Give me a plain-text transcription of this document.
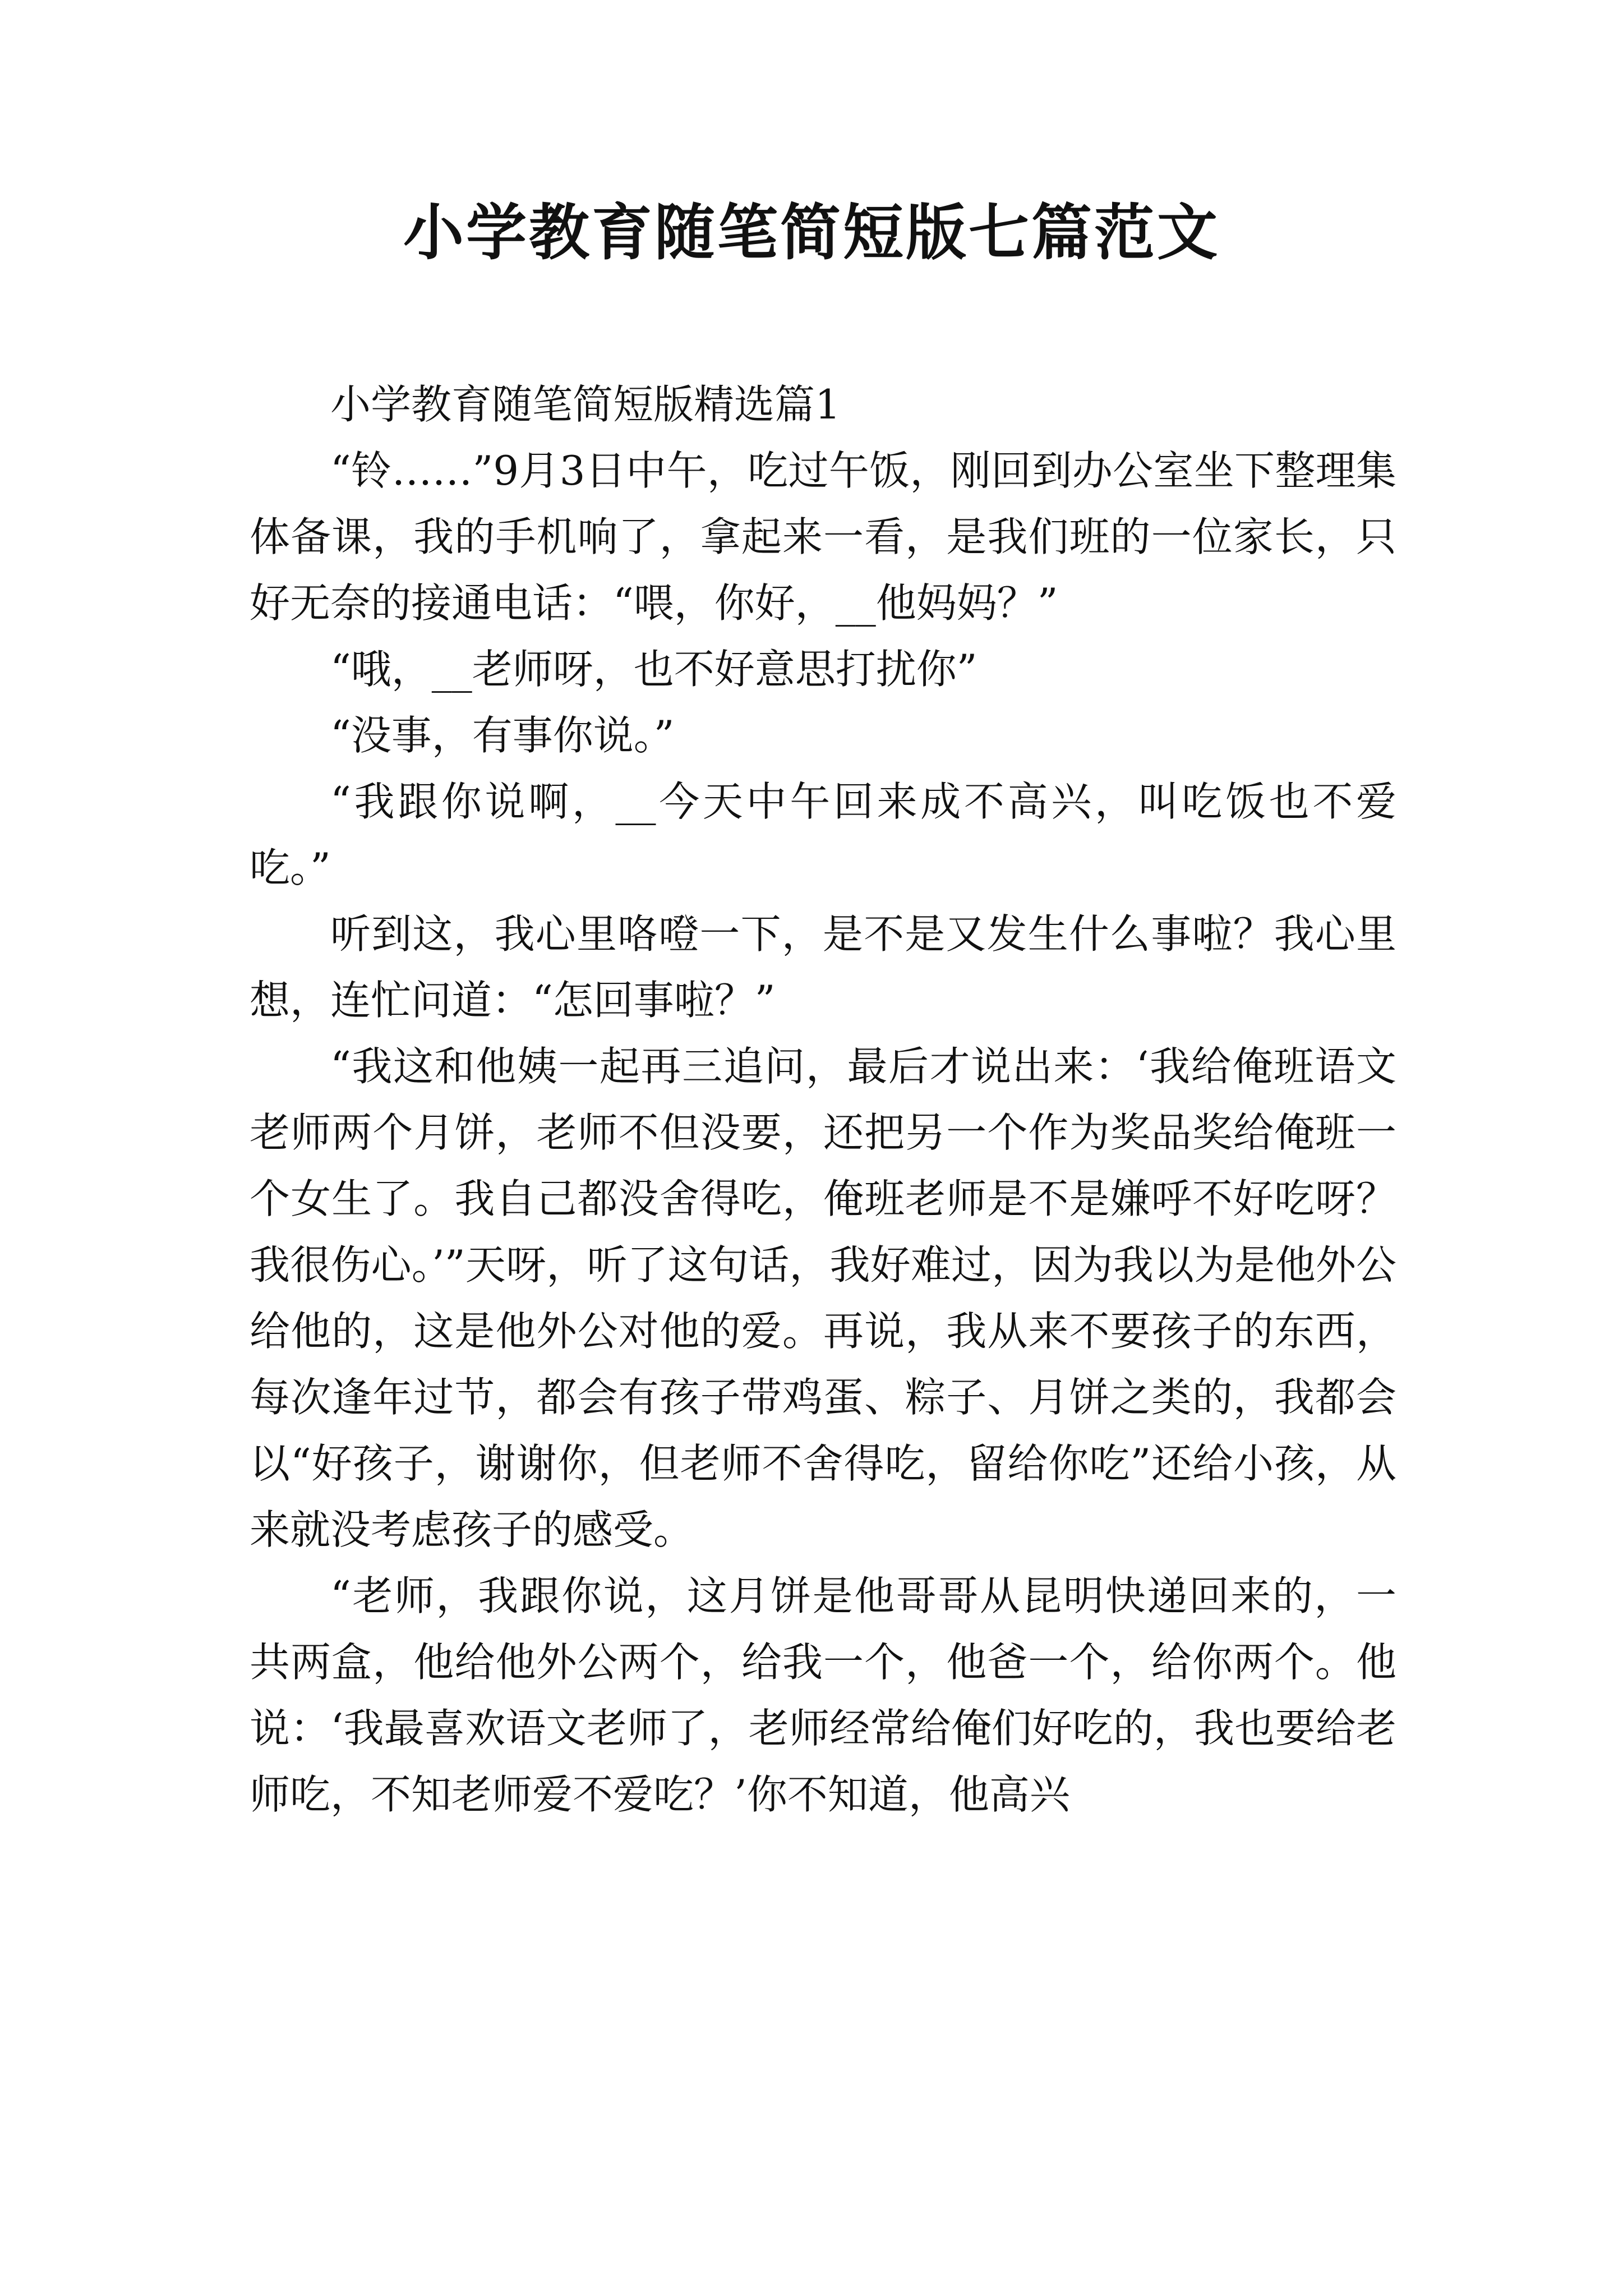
小学教育随笔简短版七篇范文

小学教育随笔简短版精选篇1

“铃……”9月3日中午，吃过午饭，刚回到办公室坐下整理集体备课，我的手机响了，拿起来一看，是我们班的一位家长，只好无奈的接通电话：“喂，你好，__他妈妈？”

“哦，__老师呀，也不好意思打扰你”

“没事，有事你说。”

“我跟你说啊，__今天中午回来成不高兴，叫吃饭也不爱吃。”

听到这，我心里咯噔一下，是不是又发生什么事啦？我心里想，连忙问道：“怎回事啦？”

“我这和他姨一起再三追问，最后才说出来：‘我给俺班语文老师两个月饼，老师不但没要，还把另一个作为奖品奖给俺班一个女生了。我自己都没舍得吃，俺班老师是不是嫌呼不好吃呀？我很伤心。’”天呀，听了这句话，我好难过，因为我以为是他外公给他的，这是他外公对他的爱。再说，我从来不要孩子的东西，每次逢年过节，都会有孩子带鸡蛋、粽子、月饼之类的，我都会以“好孩子，谢谢你，但老师不舍得吃，留给你吃”还给小孩，从来就没考虑孩子的感受。

“老师，我跟你说，这月饼是他哥哥从昆明快递回来的，一共两盒，他给他外公两个，给我一个，他爸一个，给你两个。他说：‘我最喜欢语文老师了，老师经常给俺们好吃的，我也要给老师吃，不知老师爱不爱吃？’你不知道，他高兴
